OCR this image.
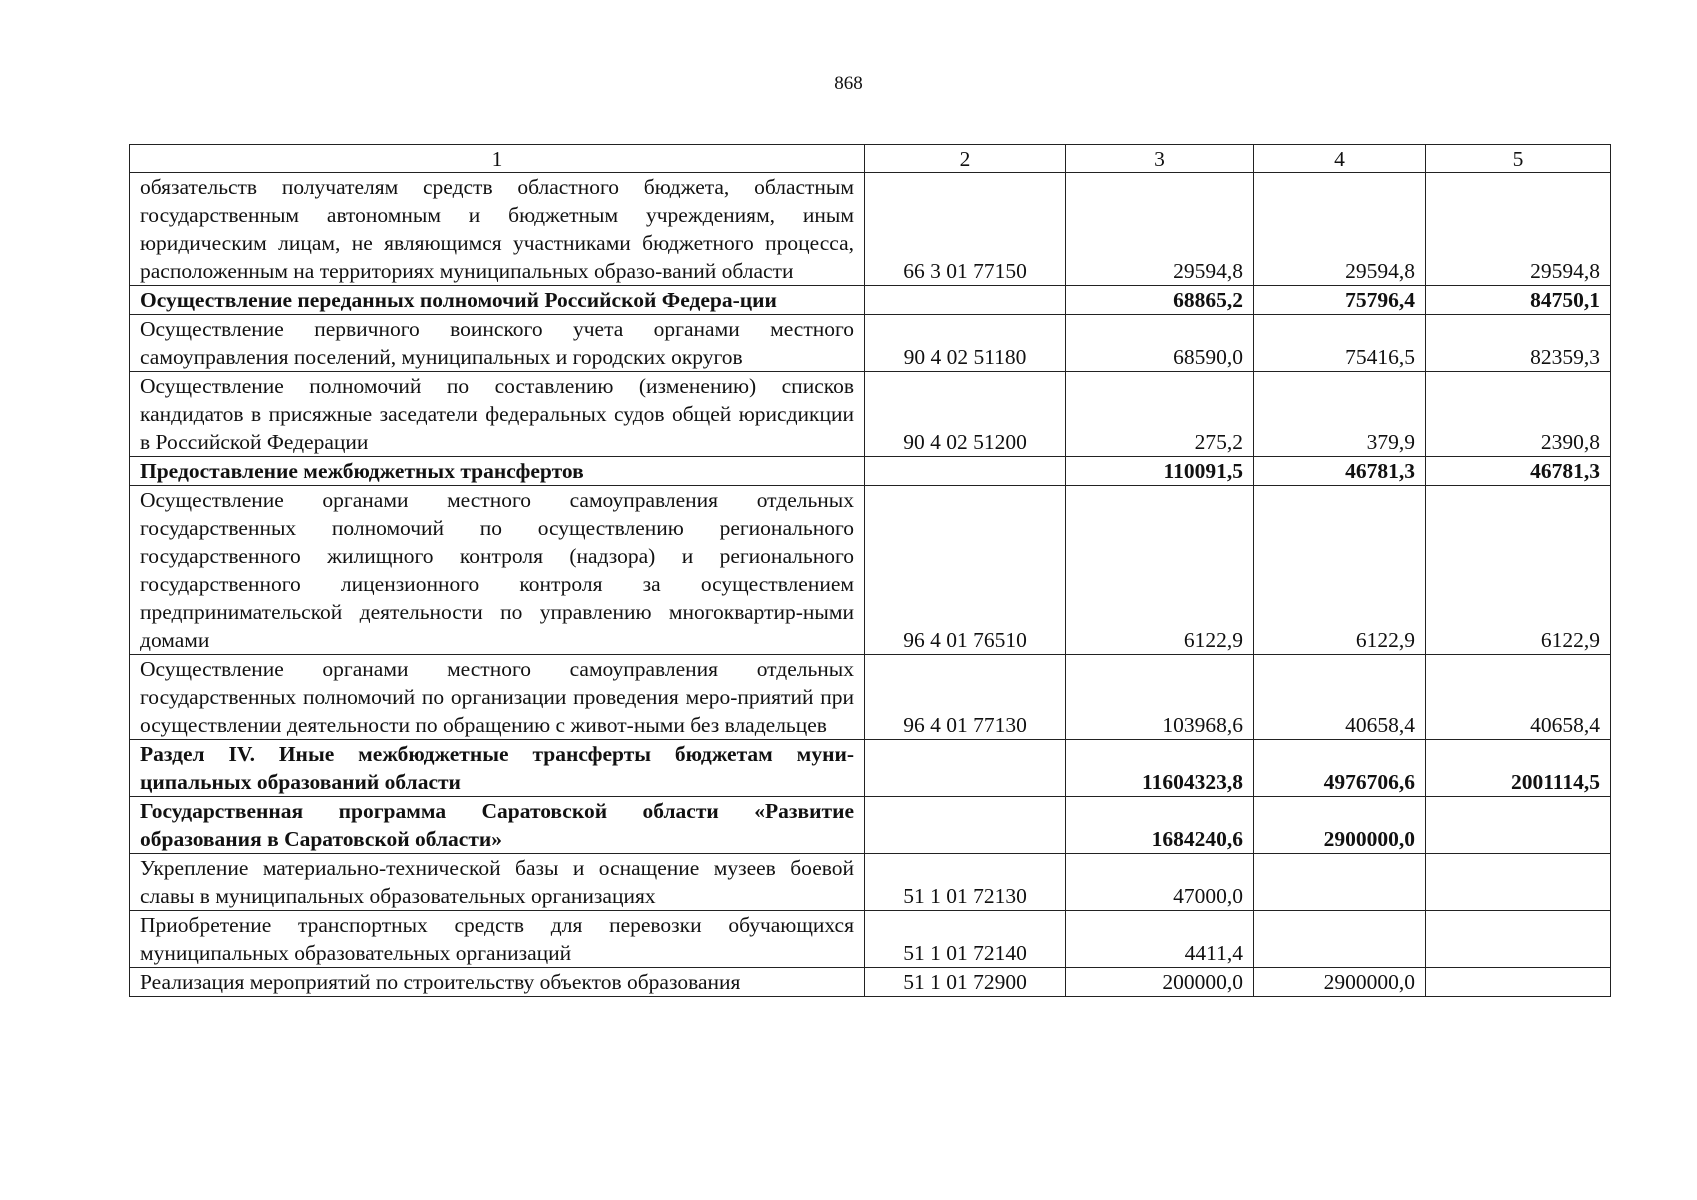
868
1	2	3	4	5
обязательств получателям средств областного бюджета, областным государственным автономным и бюджетным учреждениям, иным юридическим лицам, не являющимся участниками бюджетного процесса, расположенным на территориях муниципальных образо-ваний области	66 3 01 77150	29594,8	29594,8	29594,8
Осуществление переданных полномочий Российской Федера-ции		68865,2	75796,4	84750,1
Осуществление первичного воинского учета органами местного самоуправления поселений, муниципальных и городских округов	90 4 02 51180	68590,0	75416,5	82359,3
Осуществление полномочий по составлению (изменению) списков кандидатов в присяжные заседатели федеральных судов общей юрисдикции в Российской Федерации	90 4 02 51200	275,2	379,9	2390,8
Предоставление межбюджетных трансфертов		110091,5	46781,3	46781,3
Осуществление органами местного самоуправления отдельных государственных полномочий по осуществлению регионального государственного жилищного контроля (надзора) и регионального государственного лицензионного контроля за осуществлением предпринимательской деятельности по управлению многоквартир-ными домами	96 4 01 76510	6122,9	6122,9	6122,9
Осуществление органами местного самоуправления отдельных государственных полномочий по организации проведения меро-приятий при осуществлении деятельности по обращению с живот-ными без владельцев	96 4 01 77130	103968,6	40658,4	40658,4
Раздел IV. Иные межбюджетные трансферты бюджетам муни-ципальных образований области		11604323,8	4976706,6	2001114,5
Государственная программа Саратовской области «Развитие образования в Саратовской области»		1684240,6	2900000,0	
Укрепление материально-технической базы и оснащение музеев боевой славы в муниципальных образовательных организациях	51 1 01 72130	47000,0		
Приобретение транспортных средств для перевозки обучающихся муниципальных образовательных организаций	51 1 01 72140	4411,4		
Реализация мероприятий по строительству объектов образования	51 1 01 72900	200000,0	2900000,0	
